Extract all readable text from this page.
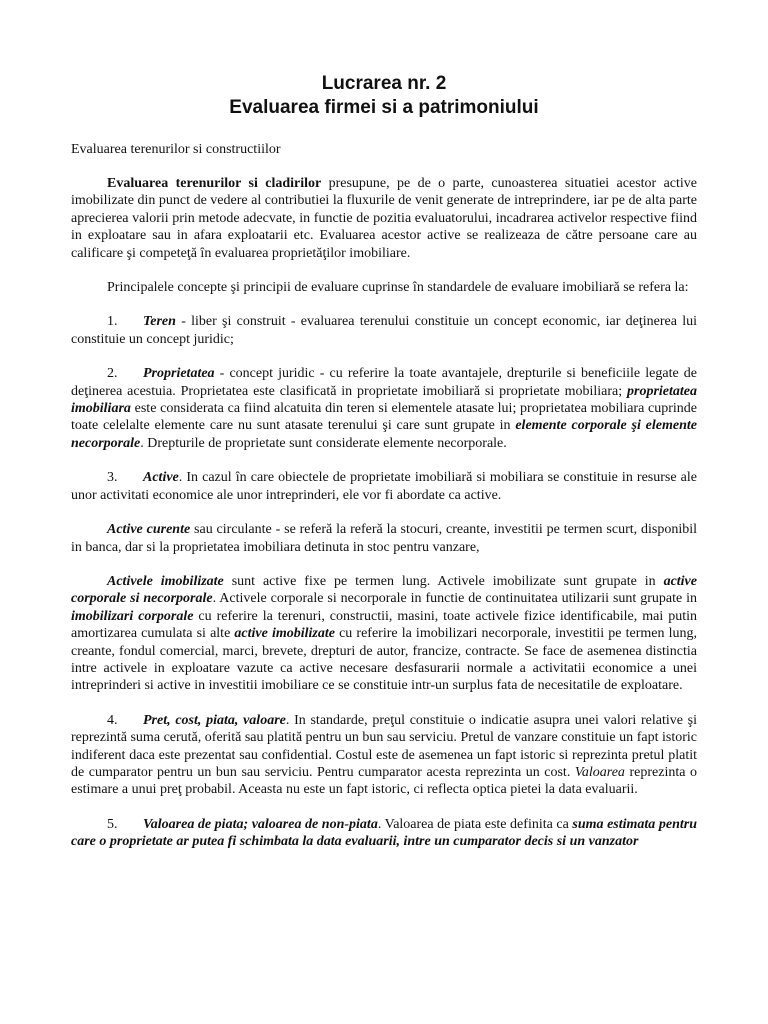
Lucrarea nr. 2
Evaluarea firmei si a patrimoniului
Evaluarea terenurilor si constructiilor

Evaluarea terenurilor si cladirilor presupune, pe de o parte, cunoasterea situatiei acestor active imobilizate din punct de vedere al contributiei la fluxurile de venit generate de intreprindere, iar pe de alta parte aprecierea valorii prin metode adecvate, in functie de pozitia evaluatorului, incadrarea activelor respective fiind in exploatare sau in afara exploatarii etc. Evaluarea acestor active se realizeaza de către persoane care au calificare şi competeţă în evaluarea proprietăţilor imobiliare.

Principalele concepte şi principii de evaluare cuprinse în standardele de evaluare imobiliară se refera la:

1. Teren - liber şi construit - evaluarea terenului constituie un concept economic, iar deţinerea lui constituie un concept juridic;

2. Proprietatea - concept juridic - cu referire la toate avantajele, drepturile si beneficiile legate de deţinerea acestuia. Proprietatea este clasificată in proprietate imobiliară si proprietate mobiliara; proprietatea imobiliara este considerata ca fiind alcatuita din teren si elementele atasate lui; proprietatea mobiliara cuprinde toate celelalte elemente care nu sunt atasate terenului şi care sunt grupate in elemente corporale şi elemente necorporale. Drepturile de proprietate sunt considerate elemente necorporale.

3. Active. In cazul în care obiectele de proprietate imobiliară si mobiliara se constituie in resurse ale unor activitati economice ale unor intreprinderi, ele vor fi abordate ca active.

Active curente sau circulante - se referă la referă la stocuri, creante, investitii pe termen scurt, disponibil in banca, dar si la proprietatea imobiliara detinuta in stoc pentru vanzare,

Activele imobilizate sunt active fixe pe termen lung. Activele imobilizate sunt grupate in active corporale si necorporale. Activele corporale si necorporale in functie de continuitatea utilizarii sunt grupate in imobilizari corporale cu referire la terenuri, constructii, masini, toate activele fizice identificabile, mai putin amortizarea cumulata si alte active imobilizate cu referire la imobilizari necorporale, investitii pe termen lung, creante, fondul comercial, marci, brevete, drepturi de autor, francize, contracte. Se face de asemenea distinctia intre activele in exploatare vazute ca active necesare desfasurarii normale a activitatii economice a unei intreprinderi si active in investitii imobiliare ce se constituie intr-un surplus fata de necesitatile de exploatare.

4. Pret, cost, piata, valoare. In standarde, preţul constituie o indicatie asupra unei valori relative şi reprezintă suma cerută, oferită sau platită pentru un bun sau serviciu. Pretul de vanzare constituie un fapt istoric indiferent daca este prezentat sau confidential. Costul este de asemenea un fapt istoric si reprezinta pretul platit de cumparator pentru un bun sau serviciu. Pentru cumparator acesta reprezinta un cost. Valoarea reprezinta o estimare a unui preţ probabil. Aceasta nu este un fapt istoric, ci reflecta optica pietei la data evaluarii.

5. Valoarea de piata; valoarea de non-piata. Valoarea de piata este definita ca suma estimata pentru care o proprietate ar putea fi schimbata la data evaluarii, intre un cumparator decis si un vanzator
